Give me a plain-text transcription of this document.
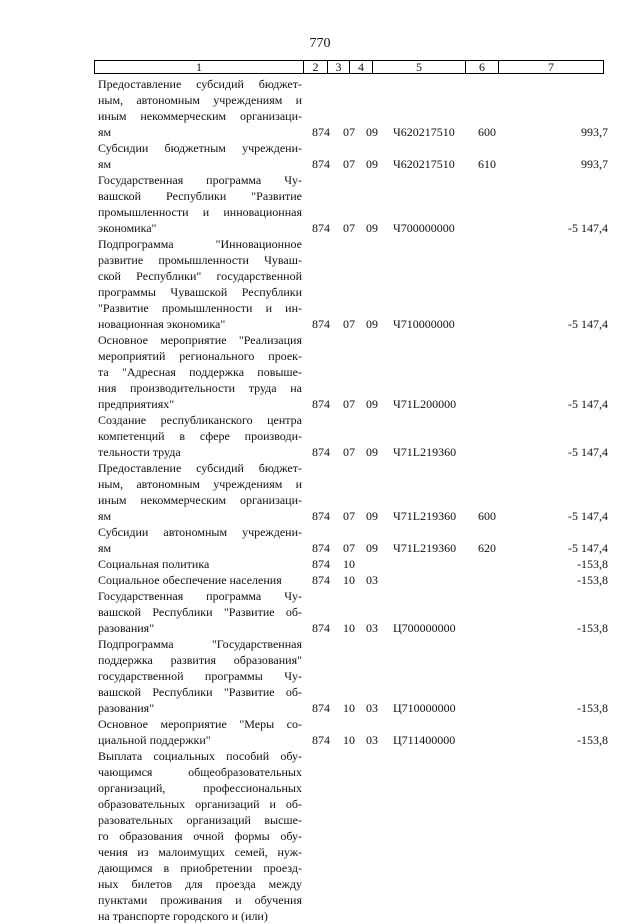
770
1	2	3	4	5	6	7
Предоставление субсидий бюджет-
ным, автономным учреждениям и
иным некоммерческим организаци-
ям	874 07 09 Ч620217510 600	993,7
Субсидии бюджетным учреждени-
ям	874 07 09 Ч620217510 610	993,7
Государственная программа Чу-
вашской Республики "Развитие
промышленности и инновационная
экономика"	874 07 09 Ч700000000	-5 147,4
Подпрограмма "Инновационное
развитие промышленности Чуваш-
ской Республики" государственной
программы Чувашской Республики
"Развитие промышленности и ин-
новационная экономика"	874 07 09 Ч710000000	-5 147,4
Основное мероприятие "Реализация
мероприятий регионального проек-
та "Адресная поддержка повыше-
ния производительности труда на
предприятиях"	874 07 09 Ч71L200000	-5 147,4
Создание республиканского центра
компетенций в сфере производи-
тельности труда	874 07 09 Ч71L219360	-5 147,4
Предоставление субсидий бюджет-
ным, автономным учреждениям и
иным некоммерческим организаци-
ям	874 07 09 Ч71L219360 600	-5 147,4
Субсидии автономным учреждени-
ям	874 07 09 Ч71L219360 620	-5 147,4
Социальная политика	874 10	-153,8
Социальное обеспечение населения	874 10 03	-153,8
Государственная программа Чу-
вашской Республики "Развитие об-
разования"	874 10 03 Ц700000000	-153,8
Подпрограмма "Государственная
поддержка развития образования"
государственной программы Чу-
вашской Республики "Развитие об-
разования"	874 10 03 Ц710000000	-153,8
Основное мероприятие "Меры со-
циальной поддержки"	874 10 03 Ц711400000	-153,8
Выплата социальных пособий обу-
чающимся общеобразовательных
организаций, профессиональных
образовательных организаций и об-
разовательных организаций высше-
го образования очной формы обу-
чения из малоимущих семей, нуж-
дающимся в приобретении проезд-
ных билетов для проезда между
пунктами проживания и обучения
на транспорте городского и (или)
